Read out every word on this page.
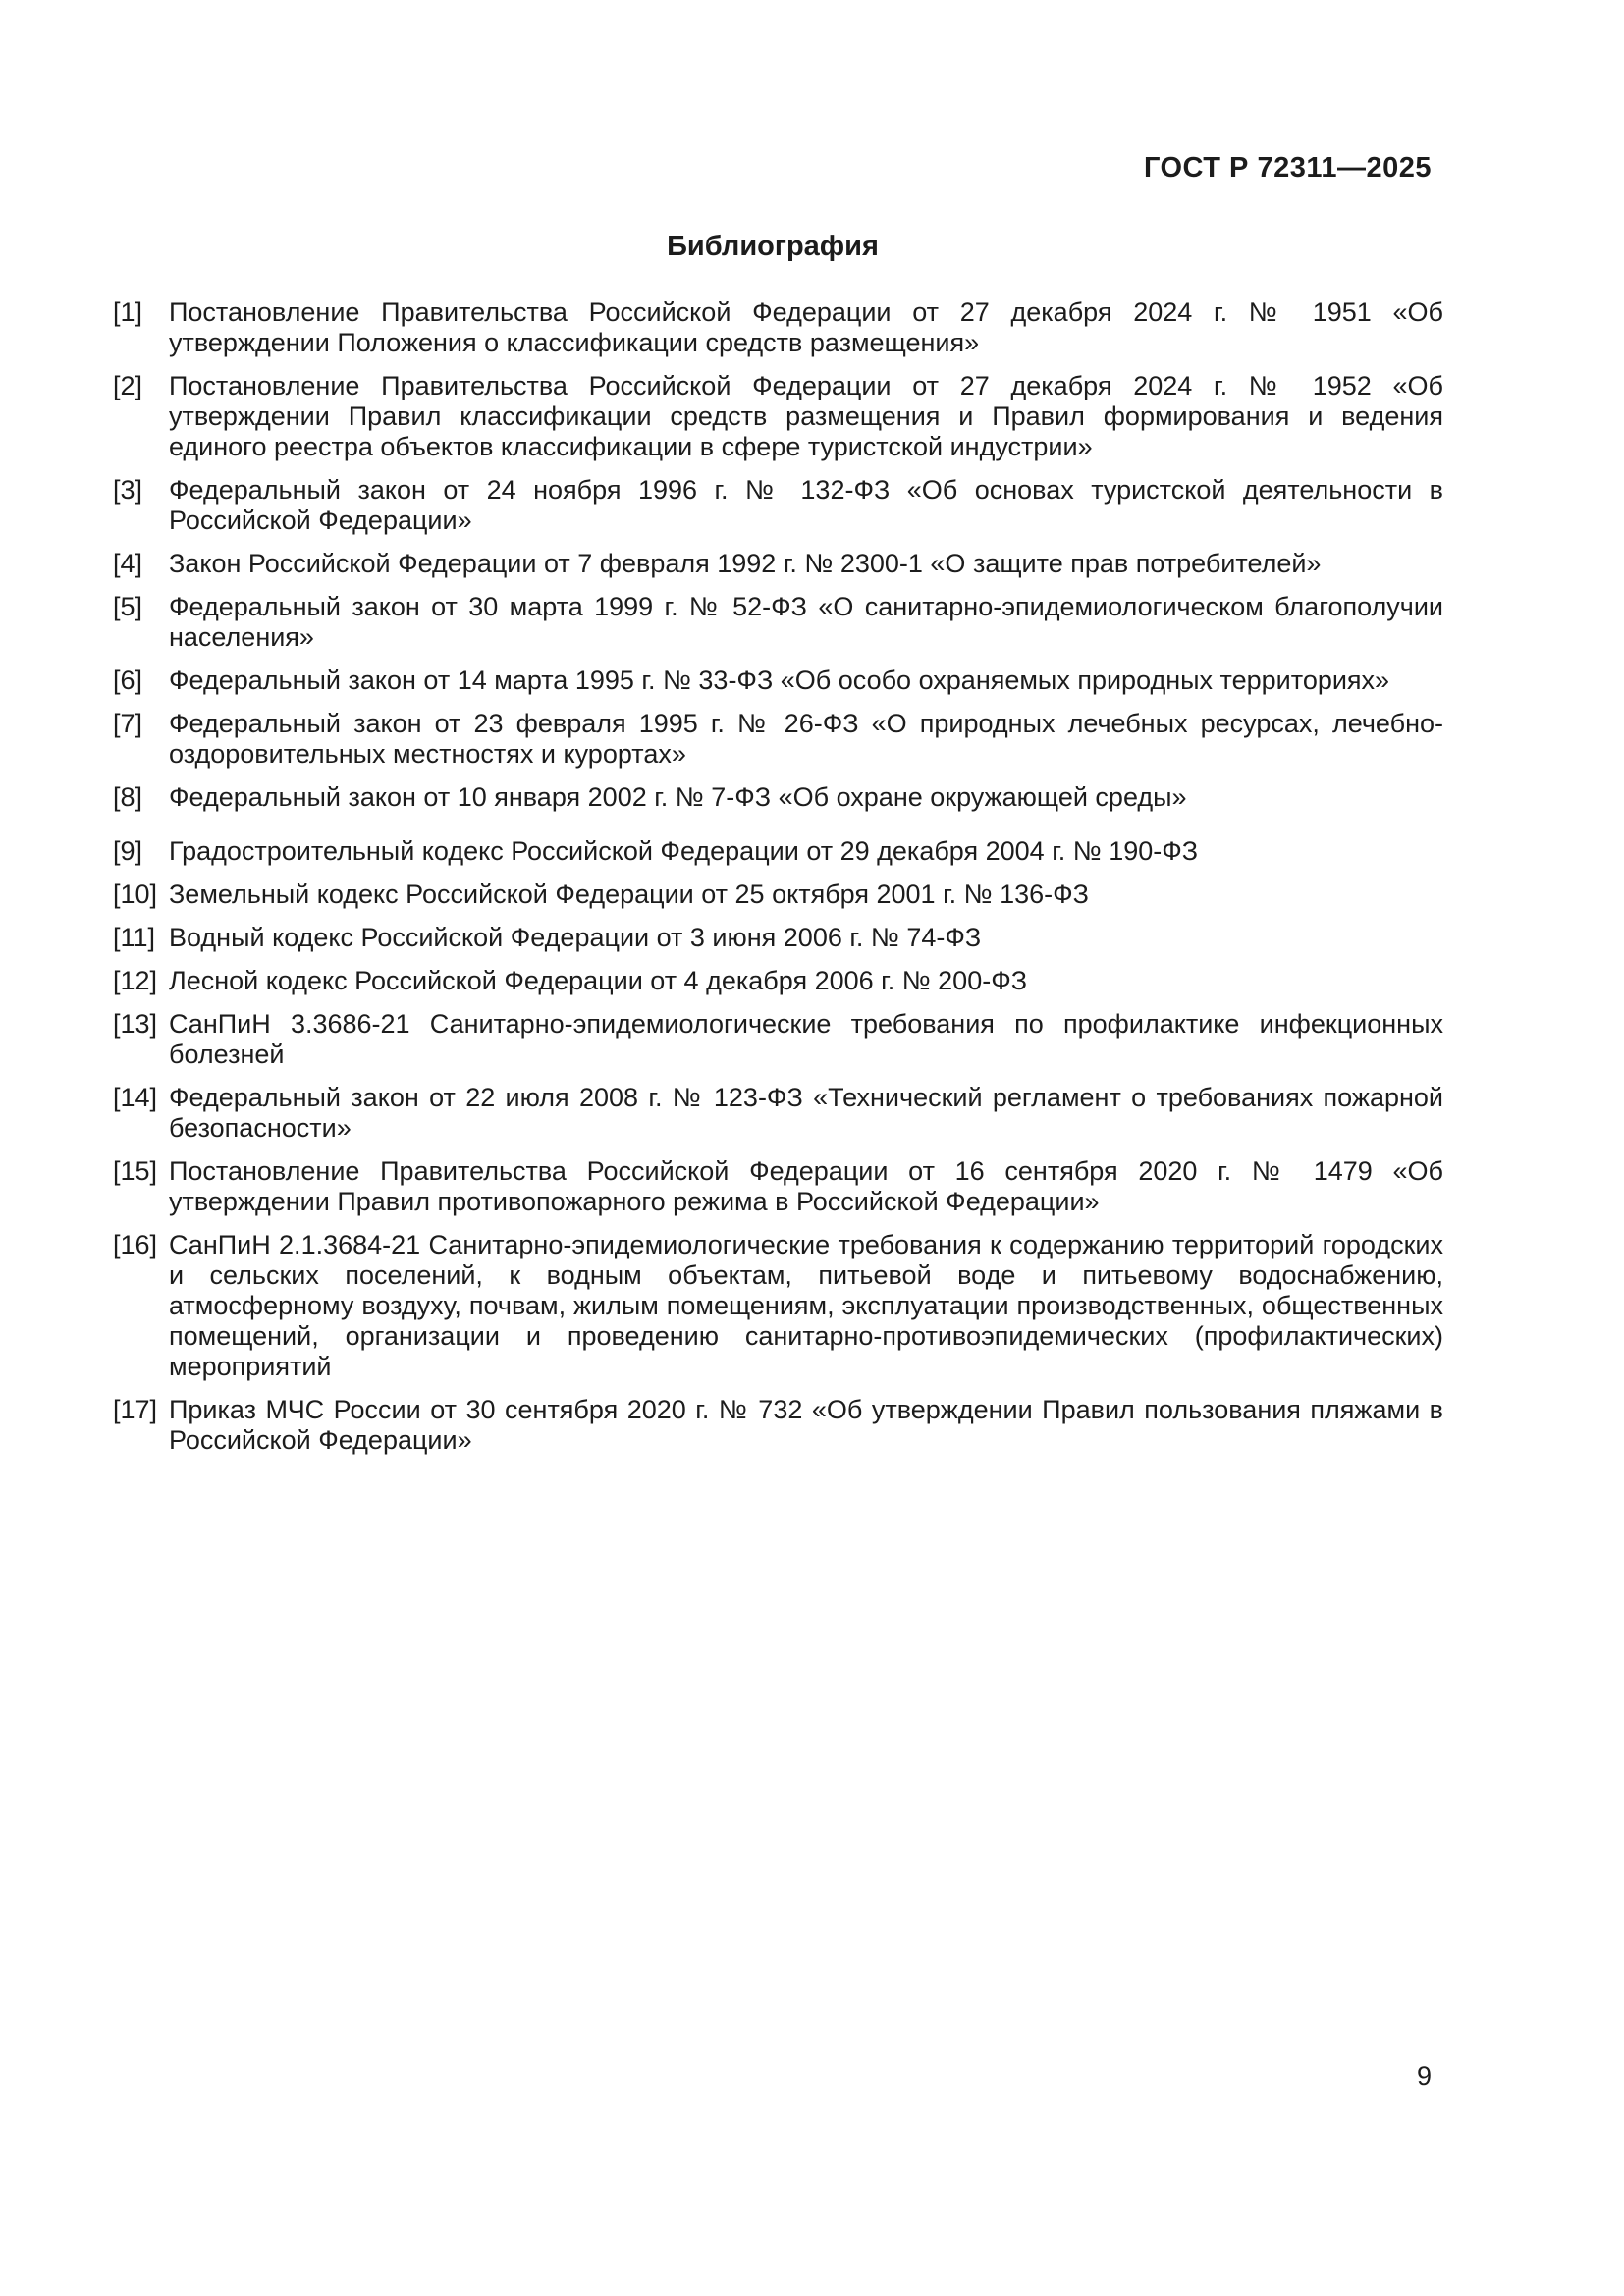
ГОСТ Р 72311—2025
Библиография
[1] Постановление Правительства Российской Федерации от 27 декабря 2024 г. № 1951 «Об утверждении Положения о классификации средств размещения»
[2] Постановление Правительства Российской Федерации от 27 декабря 2024 г. № 1952 «Об утверждении Правил классификации средств размещения и Правил формирования и ведения единого реестра объектов классификации в сфере туристской индустрии»
[3] Федеральный закон от 24 ноября 1996 г. № 132-ФЗ «Об основах туристской деятельности в Российской Федерации»
[4] Закон Российской Федерации от 7 февраля 1992 г. № 2300-1 «О защите прав потребителей»
[5] Федеральный закон от 30 марта 1999 г. № 52-ФЗ «О санитарно-эпидемиологическом благополучии населения»
[6] Федеральный закон от 14 марта 1995 г. № 33-ФЗ «Об особо охраняемых природных территориях»
[7] Федеральный закон от 23 февраля 1995 г. № 26-ФЗ «О природных лечебных ресурсах, лечебно-оздоровительных местностях и курортах»
[8] Федеральный закон от 10 января 2002 г. № 7-ФЗ «Об охране окружающей среды»
[9] Градостроительный кодекс Российской Федерации от 29 декабря 2004 г. № 190-ФЗ
[10] Земельный кодекс Российской Федерации от 25 октября 2001 г. № 136-ФЗ
[11] Водный кодекс Российской Федерации от 3 июня 2006 г. № 74-ФЗ
[12] Лесной кодекс Российской Федерации от 4 декабря 2006 г. № 200-ФЗ
[13] СанПиН 3.3686-21 Санитарно-эпидемиологические требования по профилактике инфекционных болезней
[14] Федеральный закон от 22 июля 2008 г. № 123-ФЗ «Технический регламент о требованиях пожарной безопасности»
[15] Постановление Правительства Российской Федерации от 16 сентября 2020 г. № 1479 «Об утверждении Правил противопожарного режима в Российской Федерации»
[16] СанПиН 2.1.3684-21 Санитарно-эпидемиологические требования к содержанию территорий городских и сельских поселений, к водным объектам, питьевой воде и питьевому водоснабжению, атмосферному воздуху, почвам, жилым помещениям, эксплуатации производственных, общественных помещений, организации и проведению санитарно-противоэпидемических (профилактических) мероприятий
[17] Приказ МЧС России от 30 сентября 2020 г. № 732 «Об утверждении Правил пользования пляжами в Российской Федерации»
9
